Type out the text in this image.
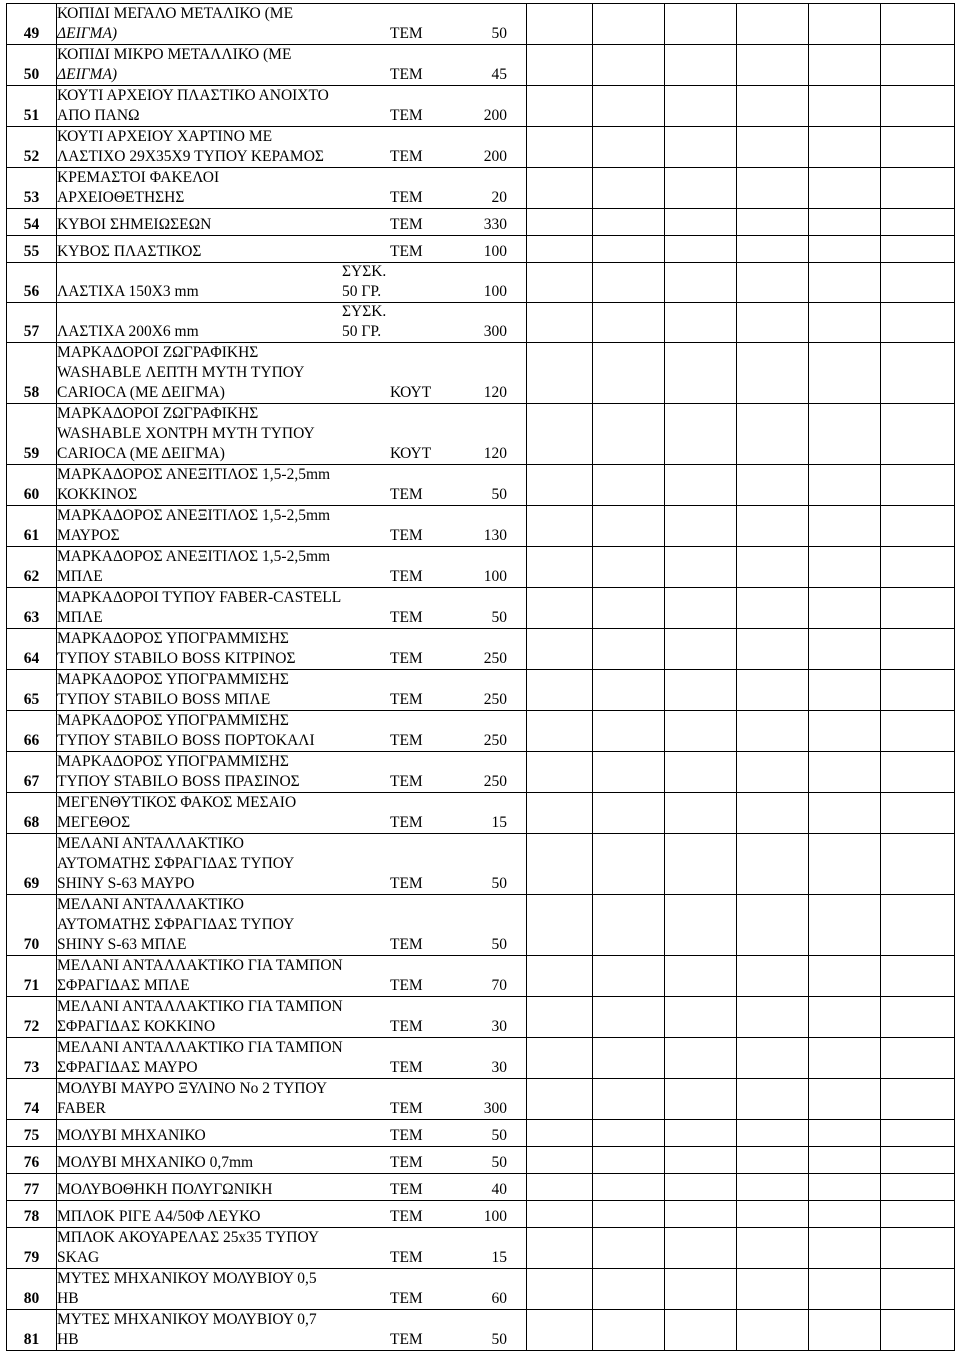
49	ΚΟΠΙΔΙ ΜΕΓΑΛΟ ΜΕΤΑΛΙΚΟ (ΜΕ
ΔΕΙΓΜΑ) ΤΕΜ 50						

50	ΚΟΠΙΔΙ ΜΙΚΡΟ ΜΕΤΑΛΛΙΚΟ (ΜΕ
ΔΕΙΓΜΑ) ΤΕΜ 45						

51	ΚΟΥΤΙ ΑΡΧΕΙΟΥ ΠΛΑΣΤΙΚΟ ΑΝΟΙΧΤΟ
ΑΠΟ ΠΑΝΩ ΤΕΜ 200						

52	ΚΟΥΤΙ ΑΡΧΕΙΟΥ ΧΑΡΤΙΝΟ ΜΕ
ΛΑΣΤΙΧΟ 29Χ35Χ9 ΤΥΠΟΥ ΚΕΡΑΜΟΣ ΤΕΜ 200						

53	ΚΡΕΜΑΣΤΟΙ ΦΑΚΕΛΟΙ
ΑΡΧΕΙΟΘΕΤΗΣΗΣ ΤΕΜ 20						

54	ΚΥΒΟΙ ΣΗΜΕΙΩΣΕΩΝ ΤΕΜ 330						

55	ΚΥΒΟΣ ΠΛΑΣΤΙΚΟΣ ΤΕΜ 100						

56	ΛΑΣΤΙΧΑ 150Χ3 mm
ΣΥΣΚ.
50 ΓΡ. 100						

57	ΛΑΣΤΙΧΑ 200Χ6 mm
ΣΥΣΚ.
50 ΓΡ. 300						

58	ΜΑΡΚΑΔΟΡΟΙ ΖΩΓΡΑΦΙΚΗΣ
WASHABLE ΛΕΠΤΗ ΜΥΤΗ ΤΥΠΟΥ
CARIOCA (ΜΕ ΔΕΙΓΜΑ) ΚΟΥΤ 120						

59	ΜΑΡΚΑΔΟΡΟΙ ΖΩΓΡΑΦΙΚΗΣ
WASHABLE ΧΟΝΤΡΗ ΜΥΤΗ ΤΥΠΟΥ
CARIOCA (ΜΕ ΔΕΙΓΜΑ) ΚΟΥΤ 120						

60	ΜΑΡΚΑΔΟΡΟΣ ΑΝΕΞΙΤΙΛΟΣ 1,5-2,5mm
ΚΟΚΚΙΝΟΣ ΤΕΜ 50						

61	ΜΑΡΚΑΔΟΡΟΣ ΑΝΕΞΙΤΙΛΟΣ 1,5-2,5mm
ΜΑΥΡΟΣ ΤΕΜ 130						

62	ΜΑΡΚΑΔΟΡΟΣ ΑΝΕΞΙΤΙΛΟΣ 1,5-2,5mm
ΜΠΛΕ ΤΕΜ 100						

63	ΜΑΡΚΑΔΟΡΟΙ ΤΥΠΟΥ FABER-CASTELL
ΜΠΛΕ ΤΕΜ 50						

64	ΜΑΡΚΑΔΟΡΟΣ ΥΠΟΓΡΑΜΜΙΣΗΣ
ΤΥΠΟΥ STABILO BOSS ΚΙΤΡΙΝΟΣ ΤΕΜ 250						

65	ΜΑΡΚΑΔΟΡΟΣ ΥΠΟΓΡΑΜΜΙΣΗΣ
ΤΥΠΟΥ STABILO BOSS ΜΠΛΕ ΤΕΜ 250						

66	ΜΑΡΚΑΔΟΡΟΣ ΥΠΟΓΡΑΜΜΙΣΗΣ
ΤΥΠΟΥ STABILO BOSS ΠΟΡΤΟΚΑΛΙ ΤΕΜ 250						

67	ΜΑΡΚΑΔΟΡΟΣ ΥΠΟΓΡΑΜΜΙΣΗΣ
ΤΥΠΟΥ STABILO BOSS ΠΡΑΣΙΝΟΣ ΤΕΜ 250						

68	ΜΕΓΕΝΘΥΤΙΚΟΣ ΦΑΚΟΣ ΜΕΣΑΙΟ
ΜΕΓΕΘΟΣ ΤΕΜ 15						

69	ΜΕΛΑΝΙ ΑΝΤΑΛΛΑΚΤΙΚΟ
ΑΥΤΟΜΑΤΗΣ ΣΦΡΑΓΙΔΑΣ ΤΥΠΟΥ
SHINY S-63 ΜΑΥΡΟ ΤΕΜ 50						

70	ΜΕΛΑΝΙ ΑΝΤΑΛΛΑΚΤΙΚΟ
ΑΥΤΟΜΑΤΗΣ ΣΦΡΑΓΙΔΑΣ ΤΥΠΟΥ
SHINY S-63 ΜΠΛΕ ΤΕΜ 50						

71	ΜΕΛΑΝΙ ΑΝΤΑΛΛΑΚΤΙΚΟ ΓΙΑ ΤΑΜΠΟΝ
ΣΦΡΑΓΙΔΑΣ ΜΠΛΕ ΤΕΜ 70						

72	ΜΕΛΑΝΙ ΑΝΤΑΛΛΑΚΤΙΚΟ ΓΙΑ ΤΑΜΠΟΝ
ΣΦΡΑΓΙΔΑΣ ΚΟΚΚΙΝΟ ΤΕΜ 30						

73	ΜΕΛΑΝΙ ΑΝΤΑΛΛΑΚΤΙΚΟ ΓΙΑ ΤΑΜΠΟΝ
ΣΦΡΑΓΙΔΑΣ ΜΑΥΡΟ ΤΕΜ 30						

74	ΜΟΛΥΒΙ ΜΑΥΡΟ ΞΥΛΙΝΟ Νο 2 ΤΥΠΟΥ
FABER ΤΕΜ 300						

75	ΜΟΛΥΒΙ ΜΗΧΑΝΙΚΟ ΤΕΜ 50						

76	ΜΟΛΥΒΙ ΜΗΧΑΝΙΚΟ 0,7mm ΤΕΜ 50						

77	ΜΟΛΥΒΟΘΗΚΗ ΠΟΛΥΓΩΝΙΚΗ ΤΕΜ 40						

78	ΜΠΛΟΚ ΡΙΓΕ Α4/50Φ ΛΕΥΚΟ ΤΕΜ 100						

79	ΜΠΛΟΚ ΑΚΟΥΑΡΕΛΑΣ 25x35 ΤΥΠΟΥ
SKAG ΤΕΜ 15						

80	ΜΥΤΕΣ ΜΗΧΑΝΙΚΟΥ ΜΟΛΥΒΙΟΥ 0,5
HB ΤΕΜ 60						

81	ΜΥΤΕΣ ΜΗΧΑΝΙΚΟΥ ΜΟΛΥΒΙΟΥ 0,7
HB ΤΕΜ 50						
